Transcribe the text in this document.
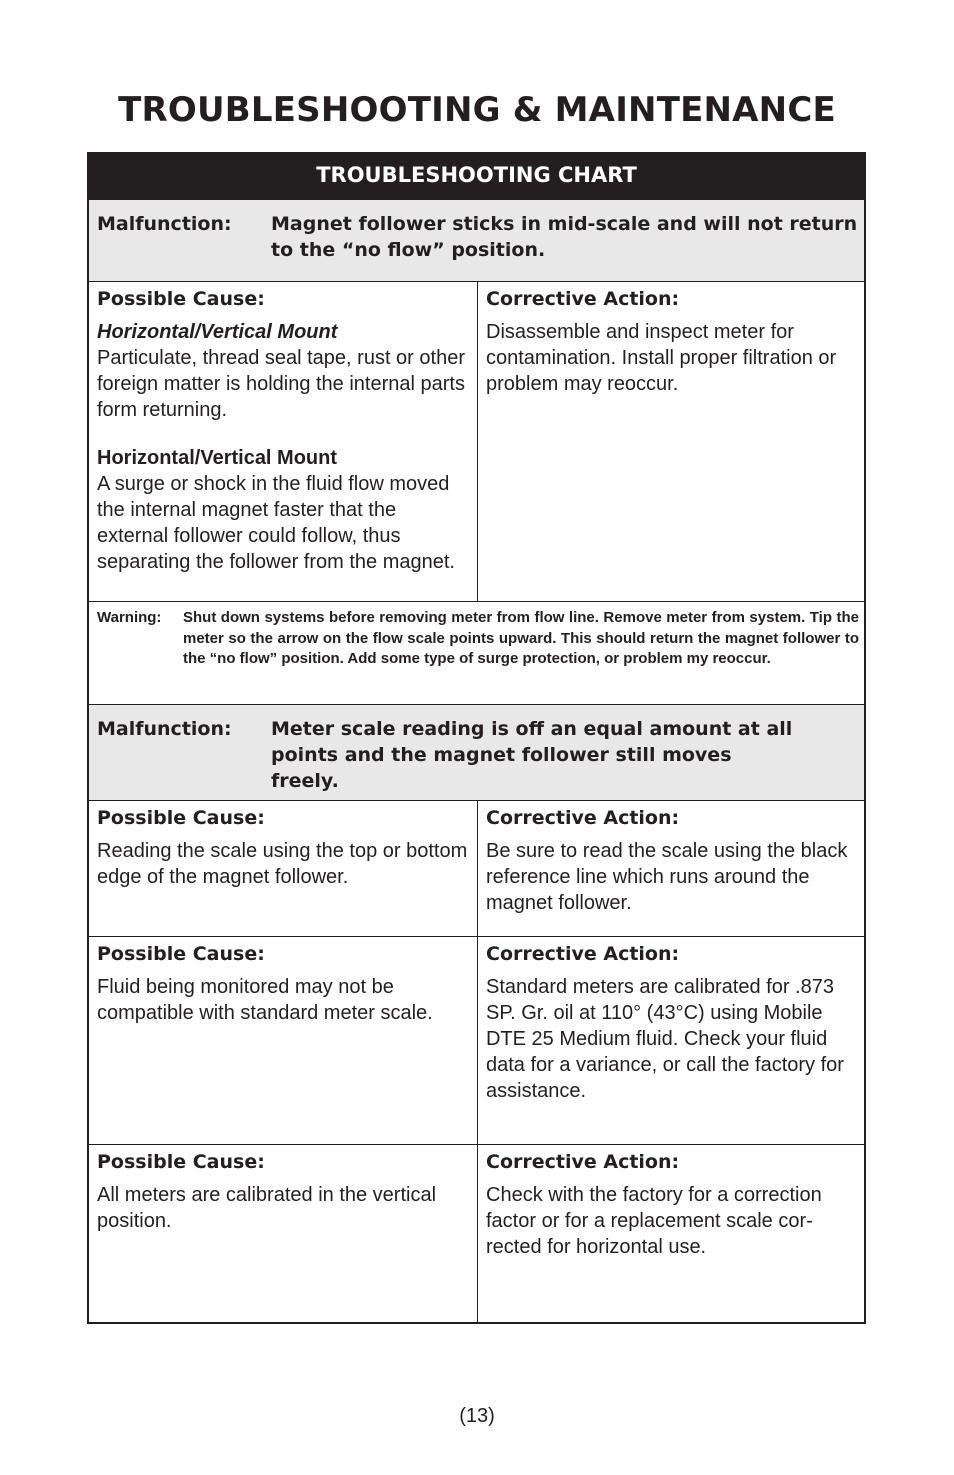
TROUBLESHOOTING & MAINTENANCE
TROUBLESHOOTING CHART
Malfunction: Magnet follower sticks in mid-scale and will not return to the “no flow” position.

Possible Cause:

Horizontal/Vertical Mount

Particulate, thread seal tape, rust or other foreign matter is holding the internal parts form returning.

Horizontal/Vertical Mount

A surge or shock in the fluid flow moved the internal magnet faster that the external follower could follow, thus separating the follower from the magnet.

Corrective Action:

Disassemble and inspect meter for contamination. Install proper filtration or problem may reoccur.

Warning: Shut down systems before removing meter from flow line. Remove meter from system. Tip the meter so the arrow on the flow scale points upward. This should return the magnet follower to the “no flow” position. Add some type of surge protection, or problem my reoccur.
Malfunction: Meter scale reading is off an equal amount at all points and the magnet follower still moves freely.

Possible Cause:

Reading the scale using the top or bottom edge of the magnet follower.

Corrective Action:

Be sure to read the scale using the black reference line which runs around the magnet follower.

Possible Cause:

Fluid being monitored may not be compatible with standard meter scale.

Corrective Action:

Standard meters are calibrated for .873 SP. Gr. oil at 110° (43°C) using Mobile DTE 25 Medium fluid. Check your fluid data for a variance, or call the factory for assistance.

Possible Cause:

All meters are calibrated in the vertical position.

Corrective Action:

Check with the factory for a correction factor or for a replacement scale cor-rected for horizontal use.

(13)
